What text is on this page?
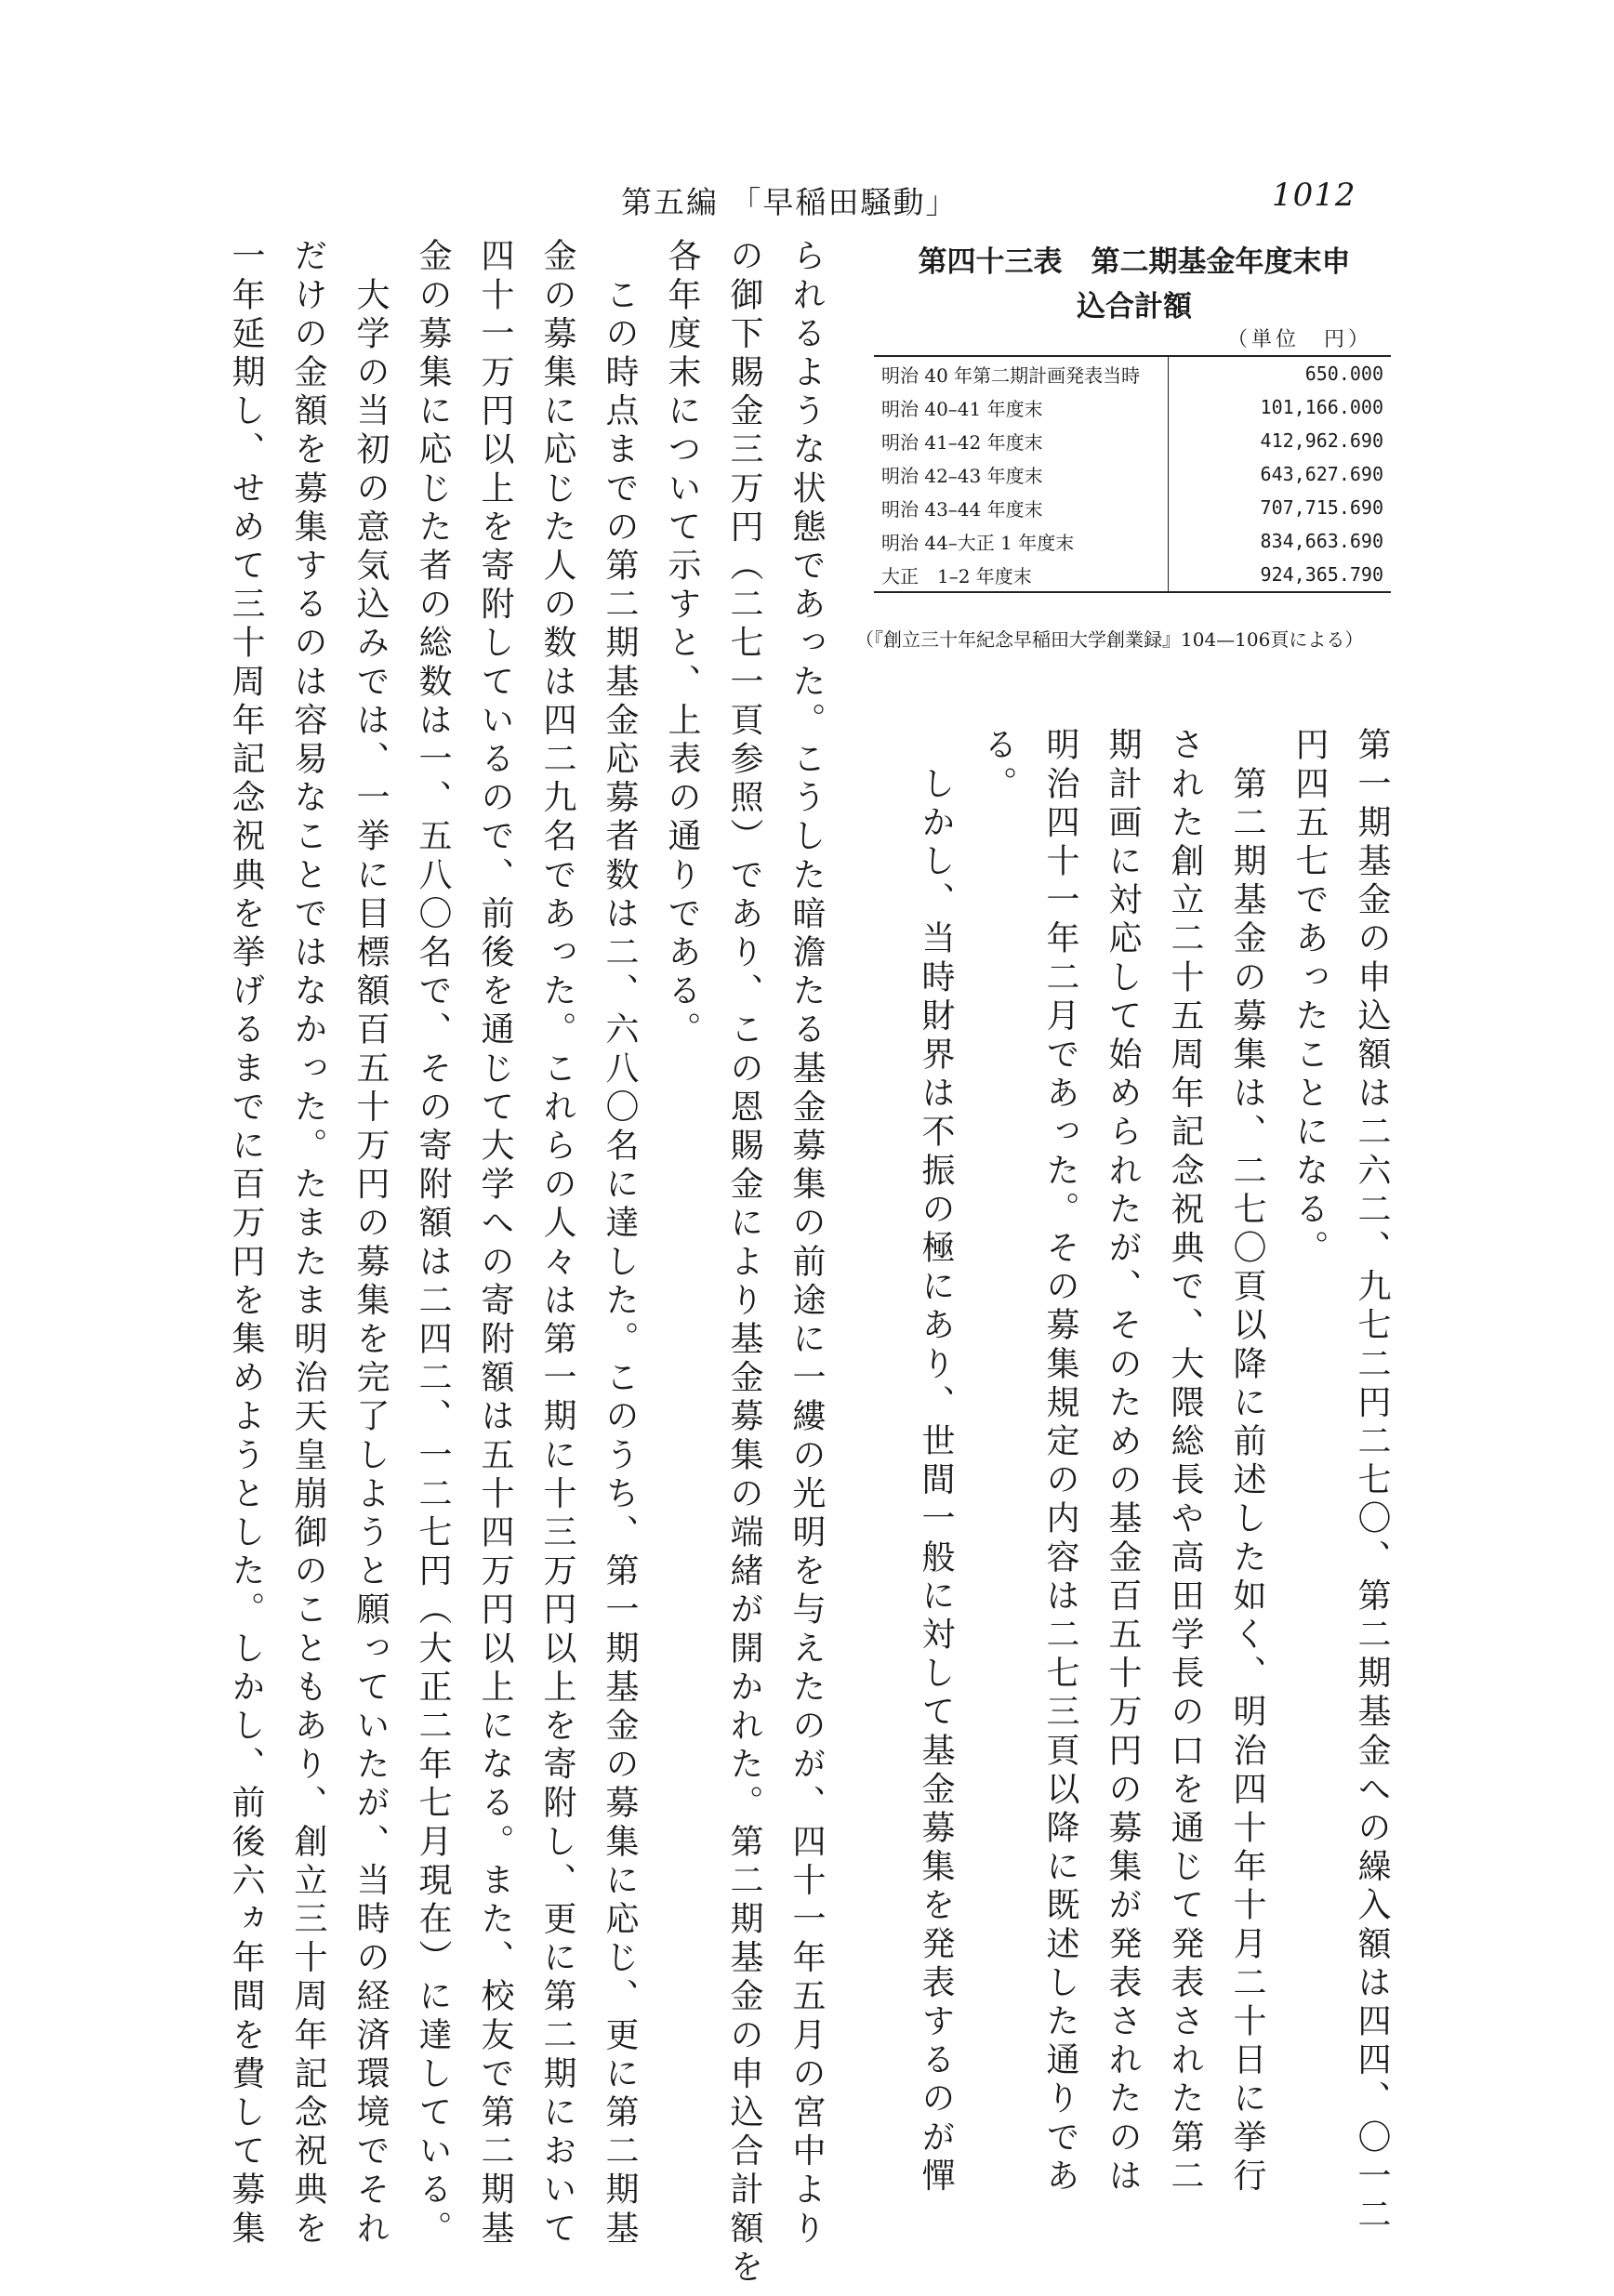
第五編 「早稲田騒動」	1012
第四十三表　第二期基金年度末申
込合計額
（単位　円）
明治 40 年第二期計画発表当時	650.000
明治 40–41 年度末	101,166.000
明治 41–42 年度末	412,962.690
明治 42–43 年度末	643,627.690
明治 43–44 年度末	707,715.690
明治 44–大正 1 年度末	834,663.690
大正　1–2 年度末	924,365.790
（『創立三十年紀念早稲田大学創業録』104—106頁による）
第一期基金の申込額は二六二、九七二円二七〇、第二期基金への繰入額は四四、〇一二
円四五七であったことになる。
　第二期基金の募集は、二七〇頁以降に前述した如く、明治四十年十月二十日に挙行
された創立二十五周年記念祝典で、大隈総長や高田学長の口を通じて発表された第二
期計画に対応して始められたが、そのための基金百五十万円の募集が発表されたのは
明治四十一年二月であった。その募集規定の内容は二七三頁以降に既述した通りであ
る。
　しかし、当時財界は不振の極にあり、世間一般に対して基金募集を発表するのが憚
られるような状態であった。こうした暗澹たる基金募集の前途に一縷の光明を与えたのが、四十一年五月の宮中より
の御下賜金三万円（二七一頁参照）であり、この恩賜金により基金募集の端緒が開かれた。第二期基金の申込合計額を
各年度末について示すと、上表の通りである。
　この時点までの第二期基金応募者数は二、六八〇名に達した。このうち、第一期基金の募集に応じ、更に第二期基
金の募集に応じた人の数は四二九名であった。これらの人々は第一期に十三万円以上を寄附し、更に第二期において
四十一万円以上を寄附しているので、前後を通じて大学への寄附額は五十四万円以上になる。また、校友で第二期基
金の募集に応じた者の総数は一、五八〇名で、その寄附額は二四二、一二七円（大正二年七月現在）に達している。
　大学の当初の意気込みでは、一挙に目標額百五十万円の募集を完了しようと願っていたが、当時の経済環境でそれ
だけの金額を募集するのは容易なことではなかった。たまたま明治天皇崩御のこともあり、創立三十周年記念祝典を
一年延期し、せめて三十周年記念祝典を挙げるまでに百万円を集めようとした。しかし、前後六ヵ年間を費して募集
